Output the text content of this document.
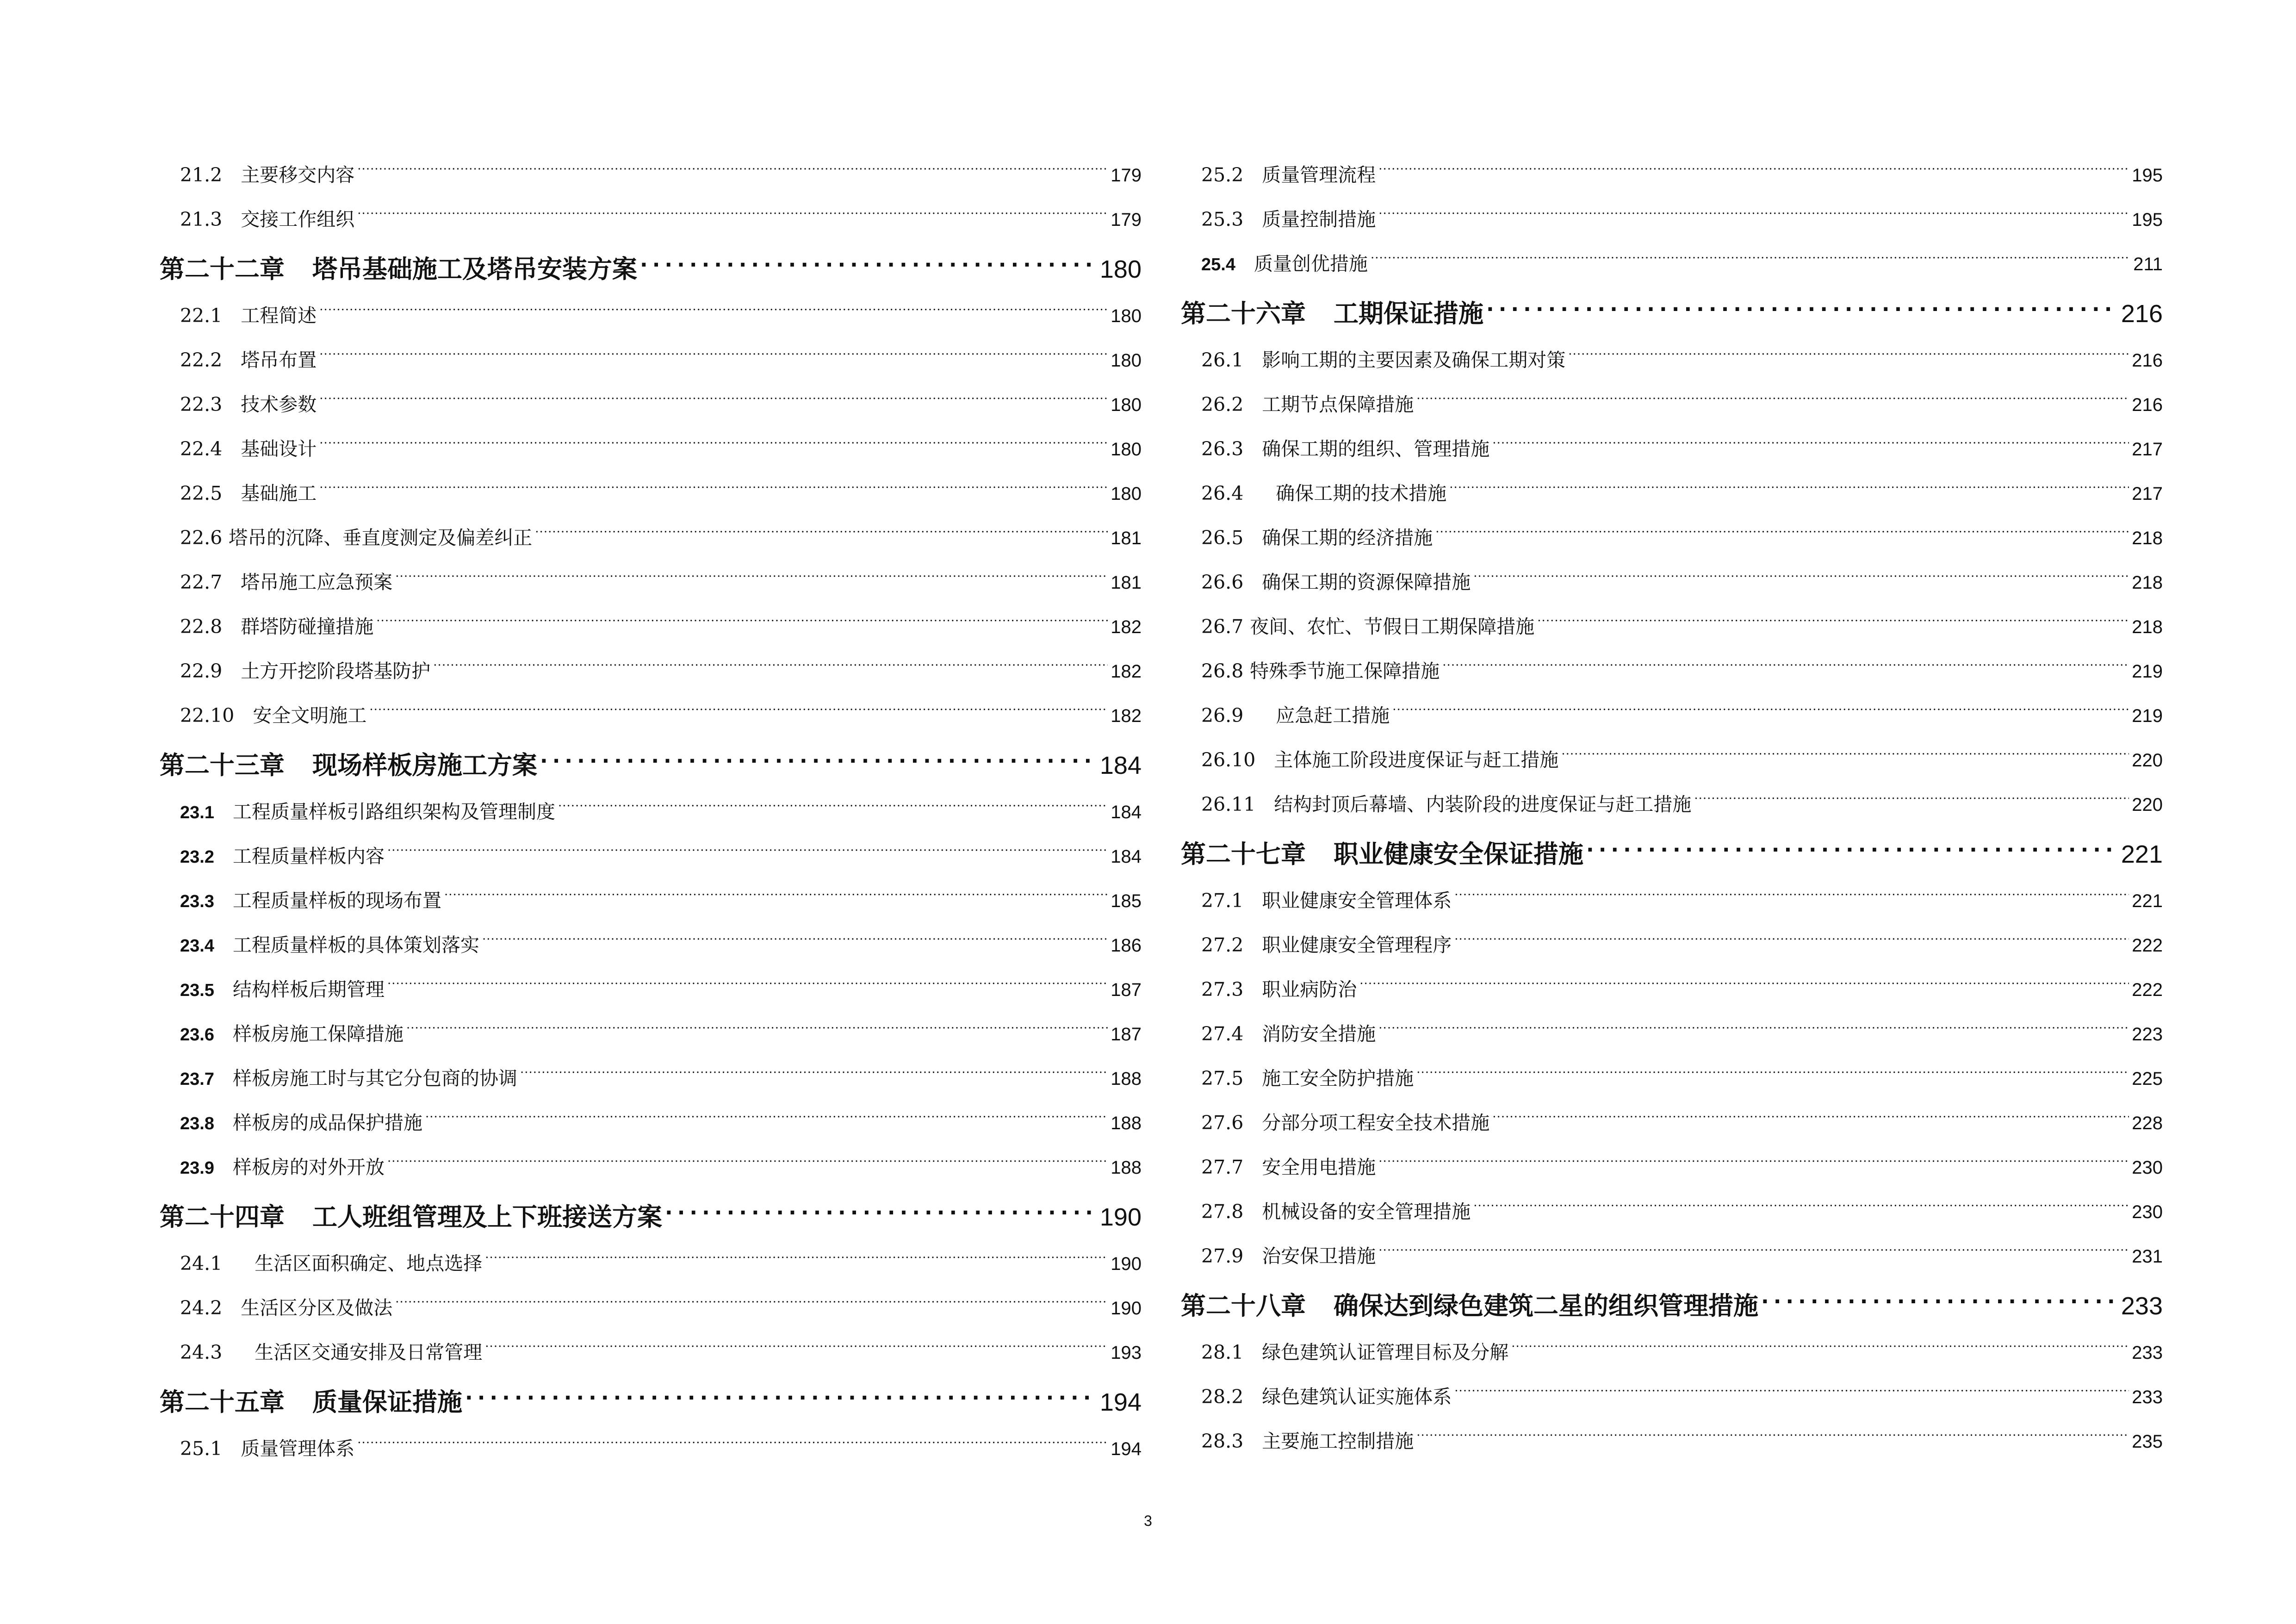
21.2 主要移交内容 .....	179
21.3 交接工作组织 .....	179
第二十二章 塔吊基础施工及塔吊安装方案 .....	180
22.1 工程简述 .....	180
22.2 塔吊布置 .....	180
22.3 技术参数 .....	180
22.4 基础设计 .....	180
22.5 基础施工 .....	180
22.6 塔吊的沉降、垂直度测定及偏差纠正 .....	181
22.7 塔吊施工应急预案 .....	181
22.8 群塔防碰撞措施 .....	182
22.9 土方开挖阶段塔基防护 .....	182
22.10 安全文明施工 .....	182
第二十三章 现场样板房施工方案 .....	184
23.1 工程质量样板引路组织架构及管理制度 .....	184
23.2 工程质量样板内容 .....	184
23.3 工程质量样板的现场布置 .....	185
23.4 工程质量样板的具体策划落实 .....	186
23.5 结构样板后期管理 .....	187
23.6 样板房施工保障措施 .....	187
23.7 样板房施工时与其它分包商的协调 .....	188
23.8 样板房的成品保护措施 .....	188
23.9 样板房的对外开放 .....	188
第二十四章 工人班组管理及上下班接送方案 .....	190
24.1 生活区面积确定、地点选择 .....	190
24.2 生活区分区及做法 .....	190
24.3 生活区交通安排及日常管理 .....	193
第二十五章 质量保证措施 .....	194
25.1 质量管理体系 .....	194
25.2 质量管理流程 .....	195
25.3 质量控制措施 .....	195
25.4 质量创优措施 .....	211
第二十六章 工期保证措施 .....	216
26.1 影响工期的主要因素及确保工期对策 .....	216
26.2 工期节点保障措施 .....	216
26.3 确保工期的组织、管理措施 .....	217
26.4 确保工期的技术措施 .....	217
26.5 确保工期的经济措施 .....	218
26.6 确保工期的资源保障措施 .....	218
26.7 夜间、农忙、节假日工期保障措施 .....	218
26.8 特殊季节施工保障措施 .....	219
26.9 应急赶工措施 .....	219
26.10 主体施工阶段进度保证与赶工措施 .....	220
26.11 结构封顶后幕墙、内装阶段的进度保证与赶工措施 .....	220
第二十七章 职业健康安全保证措施 .....	221
27.1 职业健康安全管理体系 .....	221
27.2 职业健康安全管理程序 .....	222
27.3 职业病防治 .....	222
27.4 消防安全措施 .....	223
27.5 施工安全防护措施 .....	225
27.6 分部分项工程安全技术措施 .....	228
27.7 安全用电措施 .....	230
27.8 机械设备的安全管理措施 .....	230
27.9 治安保卫措施 .....	231
第二十八章 确保达到绿色建筑二星的组织管理措施 .....	233
28.1 绿色建筑认证管理目标及分解 .....	233
28.2 绿色建筑认证实施体系 .....	233
28.3 主要施工控制措施 .....	235
3
